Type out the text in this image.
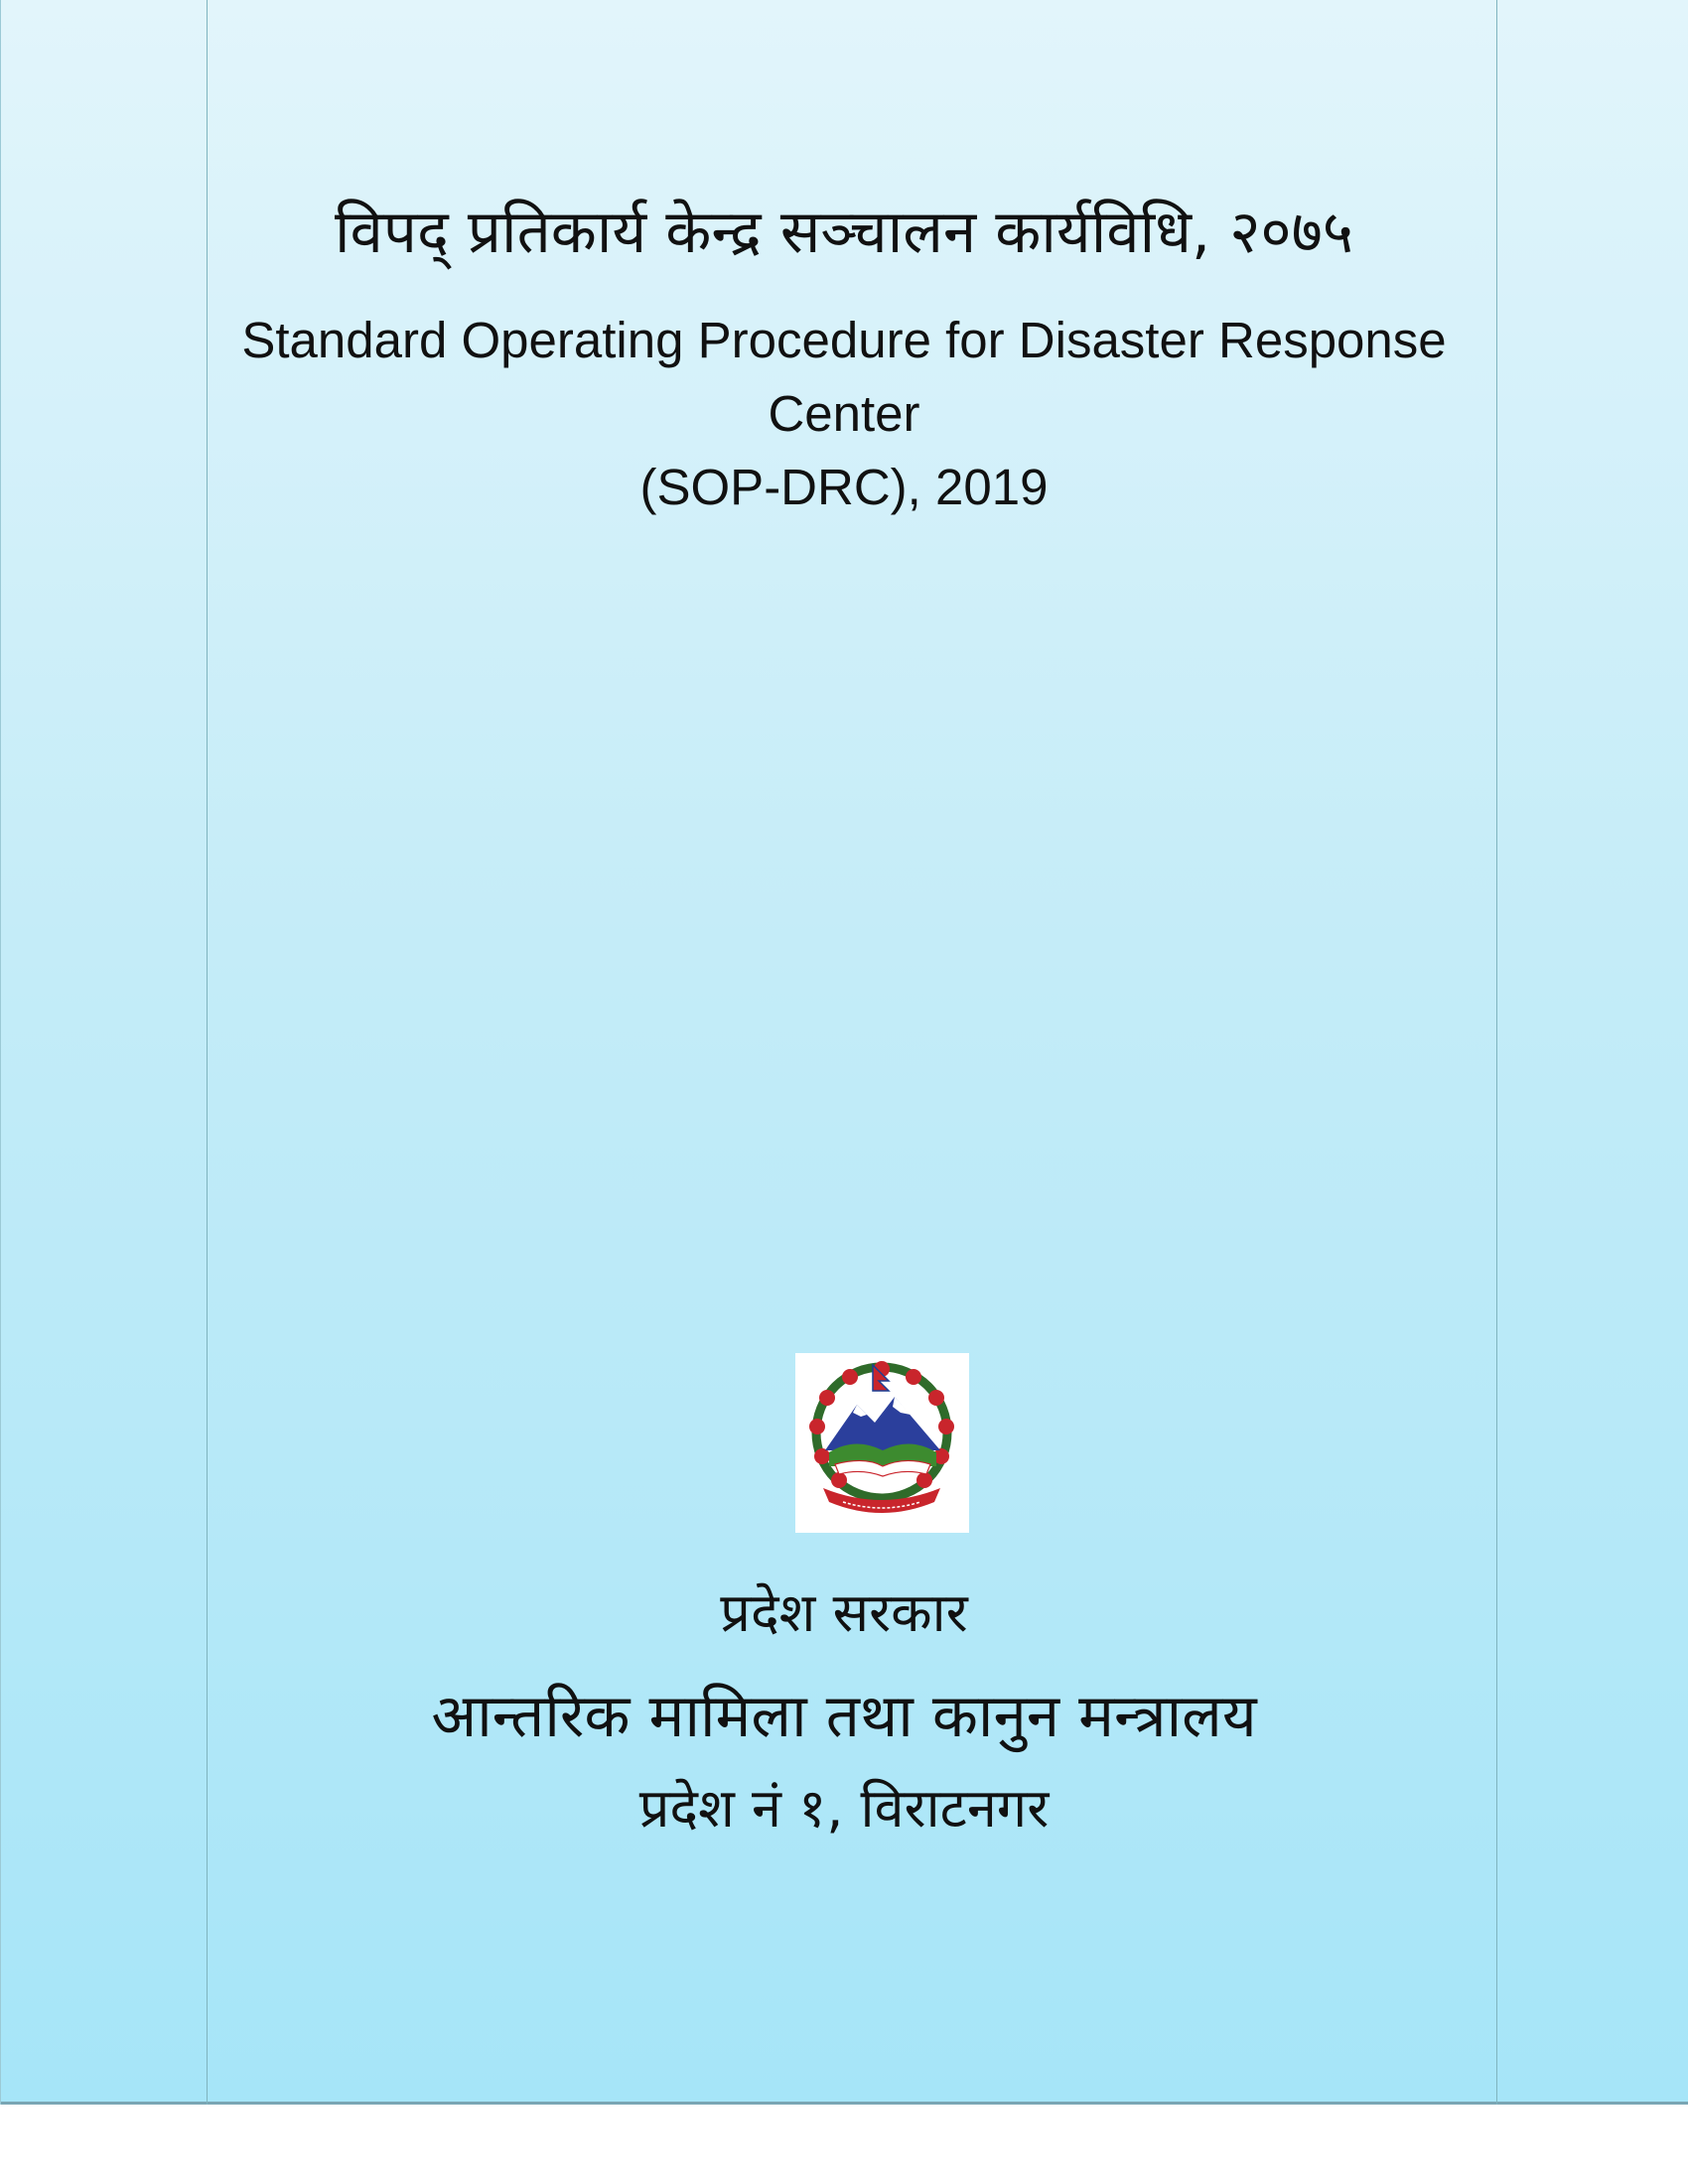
विपद् प्रतिकार्य केन्द्र सञ्चालन कार्यविधि, २०७५
Standard Operating Procedure for Disaster Response
Center
(SOP-DRC), 2019
प्रदेश सरकार
आन्तरिक मामिला तथा कानुन मन्त्रालय
प्रदेश नं १, विराटनगर
